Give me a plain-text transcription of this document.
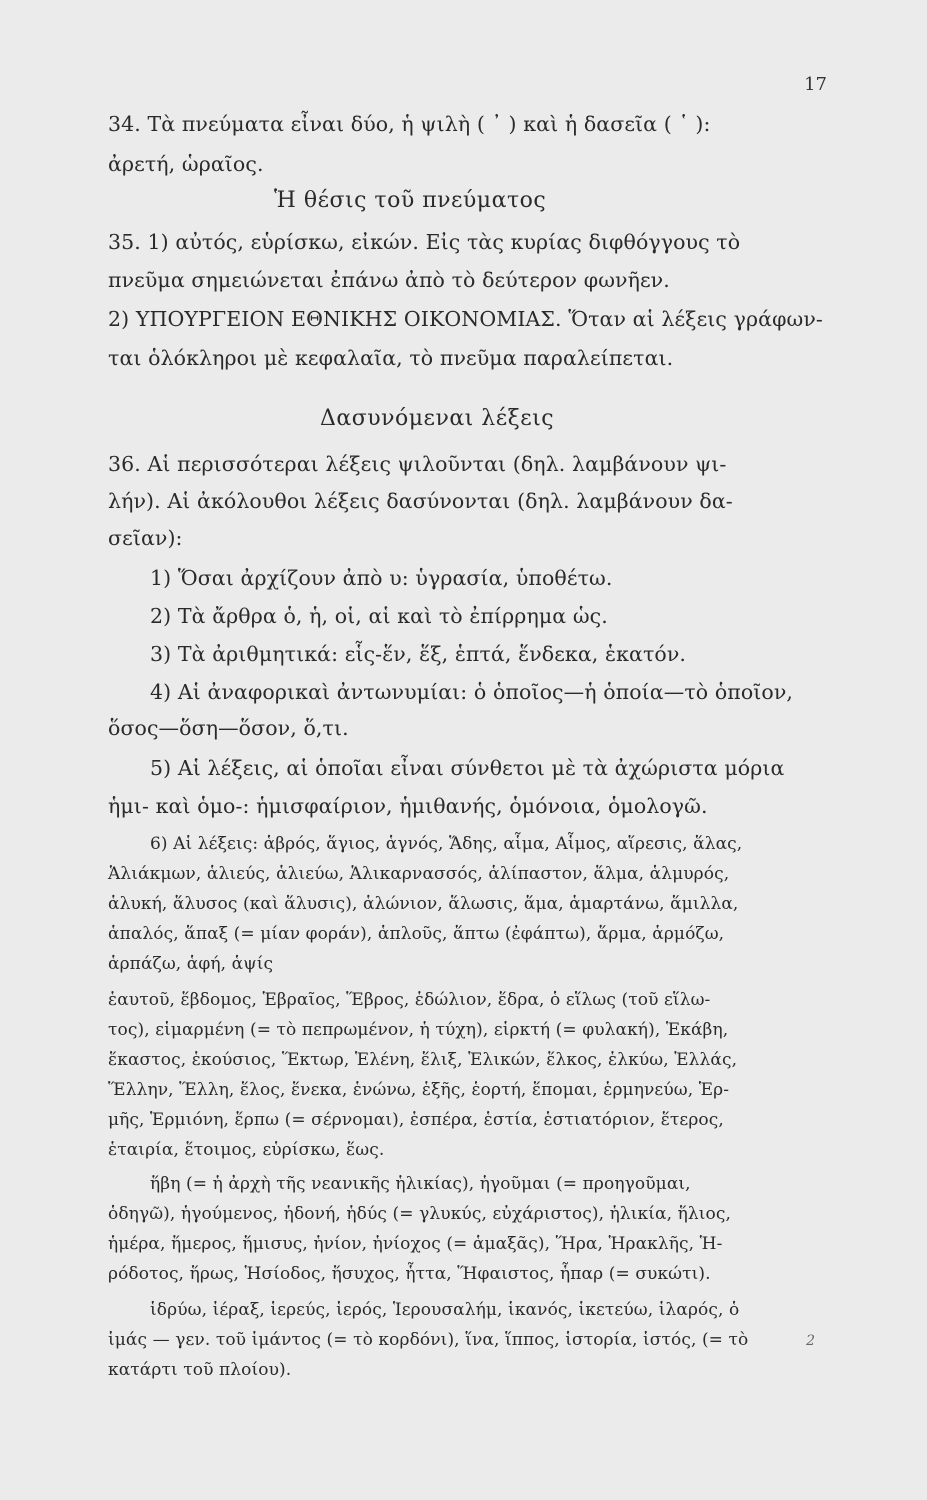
17
34. Τὰ πνεύματα εἶναι δύο, ἡ ψιλὴ ( ᾿ ) καὶ ἡ δασεῖα ( ῾ ):
ἀρετή, ὡραῖος.
Ἡ θέσις τοῦ πνεύματος
35. 1) αὐτός, εὑρίσκω, εἰκών. Εἰς τὰς κυρίας διφθόγγους τὸ
πνεῦμα σημειώνεται ἐπάνω ἀπὸ τὸ δεύτερον φωνῆεν.
2) ΥΠΟΥΡΓΕΙΟΝ ΕΘΝΙΚΗΣ ΟΙΚΟΝΟΜΙΑΣ. Ὅταν αἱ λέξεις γράφων-
ται ὁλόκληροι μὲ κεφαλαῖα, τὸ πνεῦμα παραλείπεται.
Δασυνόμεναι λέξεις
36. Αἱ περισσότεραι λέξεις ψιλοῦνται (δηλ. λαμβάνουν ψι-
λήν). Αἱ ἀκόλουθοι λέξεις δασύνονται (δηλ. λαμβάνουν δα-
σεῖαν):
1) Ὅσαι ἀρχίζουν ἀπὸ υ: ὑγρασία, ὑποθέτω.
2) Τὰ ἄρθρα ὁ, ἡ, οἱ, αἱ καὶ τὸ ἐπίρρημα ὡς.
3) Τὰ ἀριθμητικά: εἷς-ἕν, ἕξ, ἑπτά, ἕνδεκα, ἑκατόν.
4) Αἱ ἀναφορικαὶ ἀντωνυμίαι: ὁ ὁποῖος—ἡ ὁποία—τὸ ὁποῖον,
ὅσος—ὅση—ὅσον, ὅ,τι.
5) Αἱ λέξεις, αἱ ὁποῖαι εἶναι σύνθετοι μὲ τὰ ἀχώριστα μόρια
ἡμι- καὶ ὁμο-: ἡμισφαίριον, ἡμιθανής, ὁμόνοια, ὁμολογῶ.
6) Αἱ λέξεις: ἁβρός, ἅγιος, ἁγνός, Ἅδης, αἷμα, Αἷμος, αἵρεσις, ἅλας,
Ἁλιάκμων, ἁλιεύς, ἁλιεύω, Ἁλικαρνασσός, ἁλίπαστον, ἅλμα, ἁλμυρός,
ἁλυκή, ἅλυσος (καὶ ἅλυσις), ἁλώνιον, ἅλωσις, ἅμα, ἁμαρτάνω, ἅμιλλα,
ἁπαλός, ἅπαξ (= μίαν φοράν), ἁπλοῦς, ἅπτω (ἐφάπτω), ἅρμα, ἁρμόζω,
ἁρπάζω, ἁφή, ἁψίς
ἑαυτοῦ, ἕβδομος, Ἑβραῖος, Ἕβρος, ἑδώλιον, ἕδρα, ὁ εἵλως (τοῦ εἵλω-
τος), εἱμαρμένη (= τὸ πεπρωμένον, ἡ τύχη), εἱρκτή (= φυλακή), Ἑκάβη,
ἕκαστος, ἑκούσιος, Ἕκτωρ, Ἑλένη, ἕλιξ, Ἑλικών, ἕλκος, ἑλκύω, Ἑλλάς,
Ἕλλην, Ἕλλη, ἕλος, ἕνεκα, ἑνώνω, ἑξῆς, ἑορτή, ἕπομαι, ἑρμηνεύω, Ἑρ-
μῆς, Ἑρμιόνη, ἕρπω (= σέρνομαι), ἑσπέρα, ἑστία, ἑστιατόριον, ἕτερος,
ἑταιρία, ἕτοιμος, εὑρίσκω, ἕως.
ἥβη (= ἡ ἀρχὴ τῆς νεανικῆς ἡλικίας), ἡγοῦμαι (= προηγοῦμαι,
ὁδηγῶ), ἡγούμενος, ἡδονή, ἡδύς (= γλυκύς, εὐχάριστος), ἡλικία, ἥλιος,
ἡμέρα, ἥμερος, ἥμισυς, ἡνίον, ἡνίοχος (= ἁμαξᾶς), Ἥρα, Ἡρακλῆς, Ἡ-
ρόδοτος, ἥρως, Ἡσίοδος, ἥσυχος, ἧττα, Ἥφαιστος, ἧπαρ (= συκώτι).
ἱδρύω, ἱέραξ, ἱερεύς, ἱερός, Ἱερουσαλήμ, ἱκανός, ἱκετεύω, ἱλαρός, ὁ
ἱμάς — γεν. τοῦ ἱμάντος (= τὸ κορδόνι), ἵνα, ἵππος, ἱστορία, ἱστός, (= τὸ
κατάρτι τοῦ πλοίου).
2
